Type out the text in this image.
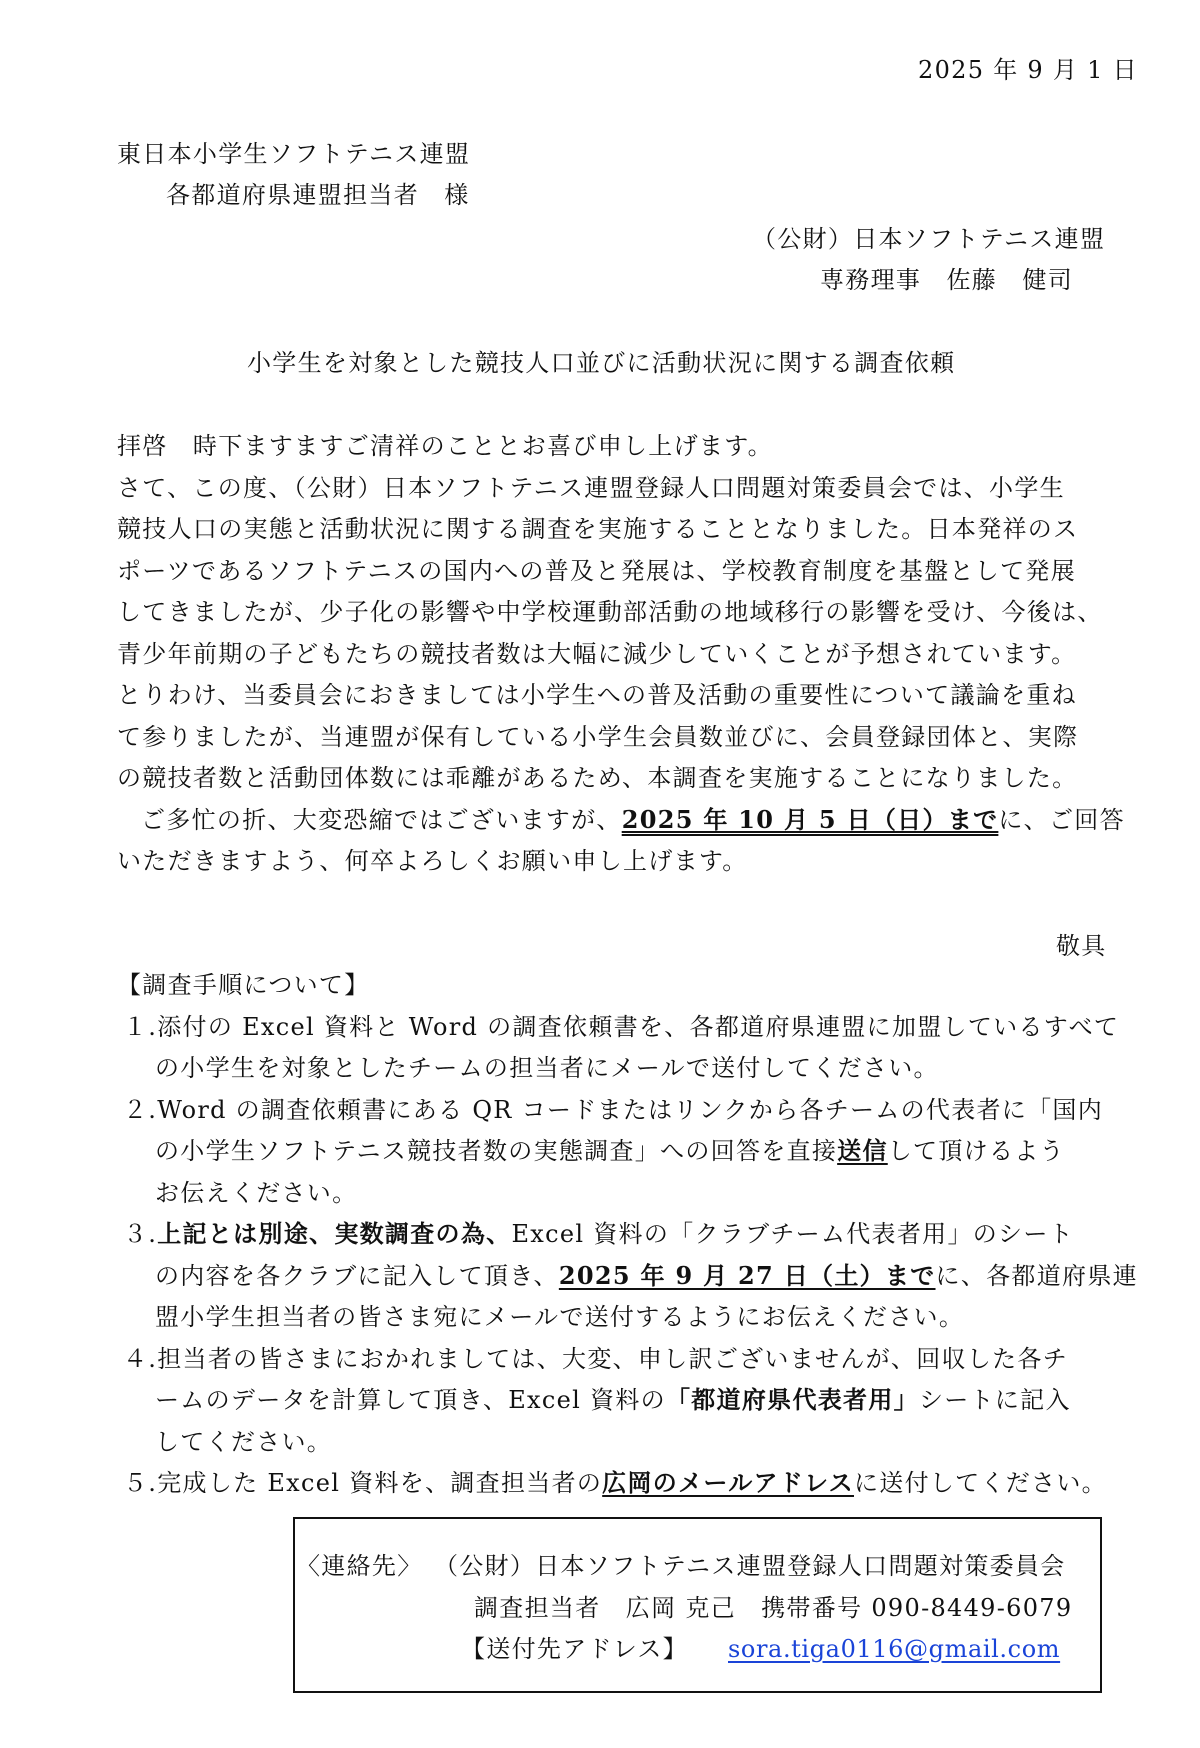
2025 年 9 月 1 日
東日本小学生ソフトテニス連盟
各都道府県連盟担当者　様
（公財）日本ソフトテニス連盟
専務理事　佐藤　健司
小学生を対象とした競技人口並びに活動状況に関する調査依頼
拝啓　時下ますますご清祥のこととお喜び申し上げます。
さて、この度、（公財）日本ソフトテニス連盟登録人口問題対策委員会では、小学生
競技人口の実態と活動状況に関する調査を実施することとなりました。日本発祥のス
ポーツであるソフトテニスの国内への普及と発展は、学校教育制度を基盤として発展
してきましたが、少子化の影響や中学校運動部活動の地域移行の影響を受け、今後は、
青少年前期の子どもたちの競技者数は大幅に減少していくことが予想されています。
とりわけ、当委員会におきましては小学生への普及活動の重要性について議論を重ね
て参りましたが、当連盟が保有している小学生会員数並びに、会員登録団体と、実際
の競技者数と活動団体数には乖離があるため、本調査を実施することになりました。
ご多忙の折、大変恐縮ではございますが、2025 年 10 月 5 日（日）までに、ご回答
いただきますよう、何卒よろしくお願い申し上げます。
敬具
【調査手順について】
１.添付の Excel 資料と Word の調査依頼書を、各都道府県連盟に加盟しているすべて
の小学生を対象としたチームの担当者にメールで送付してください。
２.Word の調査依頼書にある QR コードまたはリンクから各チームの代表者に「国内
の小学生ソフトテニス競技者数の実態調査」への回答を直接送信して頂けるよう
お伝えください。
３.上記とは別途、実数調査の為、Excel 資料の「クラブチーム代表者用」のシート
の内容を各クラブに記入して頂き、2025 年 9 月 27 日（土）までに、各都道府県連
盟小学生担当者の皆さま宛にメールで送付するようにお伝えください。
４.担当者の皆さまにおかれましては、大変、申し訳ございませんが、回収した各チ
ームのデータを計算して頂き、Excel 資料の「都道府県代表者用」シートに記入
してください。
５.完成した Excel 資料を、調査担当者の広岡のメールアドレスに送付してください。
〈連絡先〉 （公財）日本ソフトテニス連盟登録人口問題対策委員会
調査担当者　広岡 克己　携帯番号 090-8449-6079
【送付先アドレス】 sora.tiga0116@gmail.com
